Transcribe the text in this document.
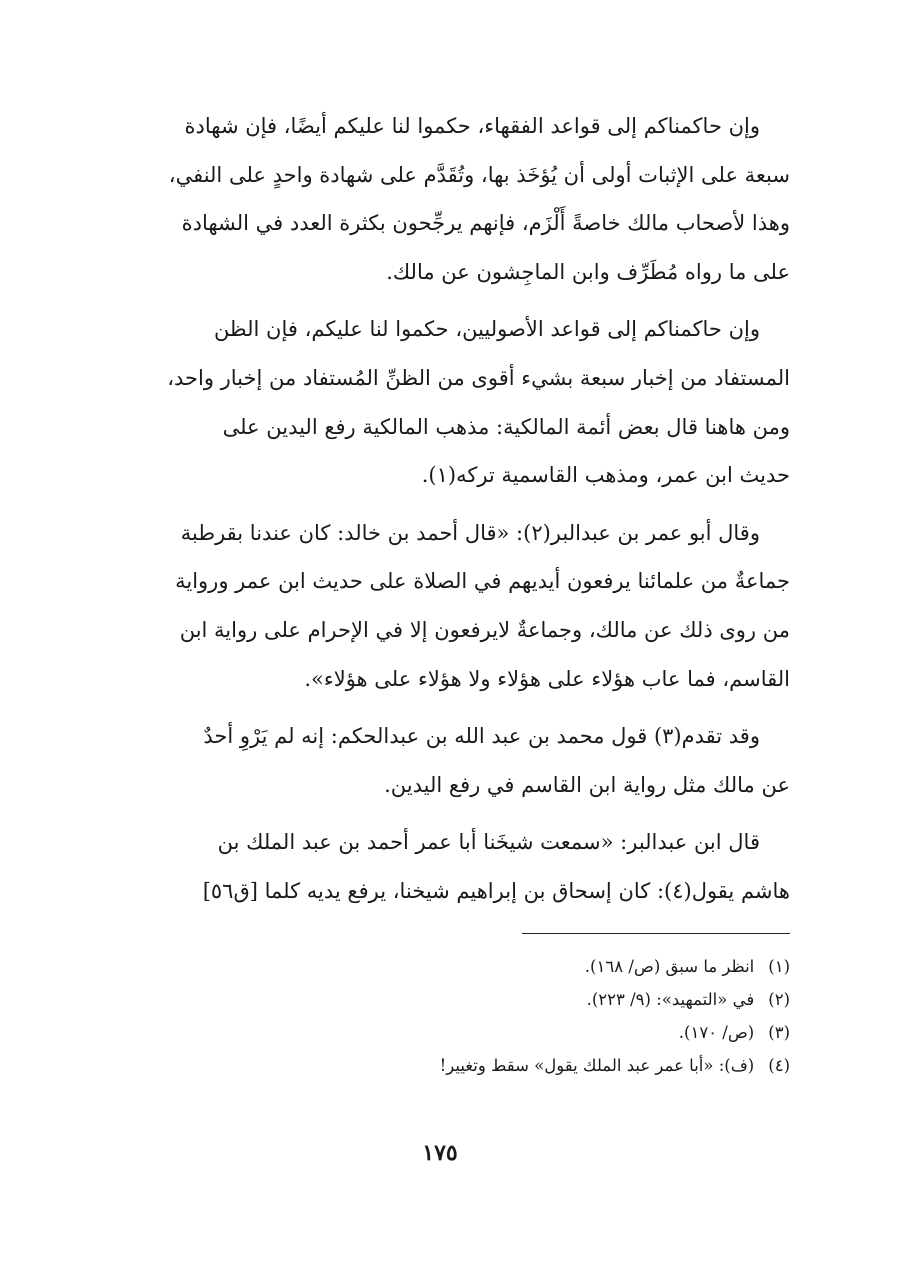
وإن حاكمناكم إلى قواعد الفقهاء، حكموا لنا عليكم أيضًا، فإن شهادة
سبعة على الإثبات أولى أن يُؤخَذ بها، وتُقَدَّم على شهادة واحدٍ على النفي،
وهذا لأصحاب مالك خاصةً أَلْزَم، فإنهم يرجِّحون بكثرة العدد في الشهادة
على ما رواه مُطَرِّف وابن الماجِشون عن مالك.

وإن حاكمناكم إلى قواعد الأصوليين، حكموا لنا عليكم، فإن الظن
المستفاد من إخبار سبعة بشيء أقوى من الظنِّ المُستفاد من إخبار واحد،
ومن هاهنا قال بعض أئمة المالكية: مذهب المالكية رفع اليدين على
حديث ابن عمر، ومذهب القاسمية تركه(١).

وقال أبو عمر بن عبدالبر(٢): «قال أحمد بن خالد: كان عندنا بقرطبة
جماعةٌ من علمائنا يرفعون أيديهم في الصلاة على حديث ابن عمر ورواية
من روى ذلك عن مالك، وجماعةٌ لايرفعون إلا في الإحرام على رواية ابن
القاسم، فما عاب هؤلاء على هؤلاء ولا هؤلاء على هؤلاء».

وقد تقدم(٣) قول محمد بن عبد الله بن عبدالحكم: إنه لم يَرْوِ أحدٌ
عن مالك مثل رواية ابن القاسم في رفع اليدين.

قال ابن عبدالبر: «سمعت شيخَنا أبا عمر أحمد بن عبد الملك بن
هاشم يقول(٤): كان إسحاق بن إبراهيم شيخنا، يرفع يديه كلما [ق٥٦]

(١)انظر ما سبق (ص/ ١٦٨).
(٢)في «التمهيد»: (٩/ ٢٢٣).
(٣)(ص/ ١٧٠).
(٤)(ف): «أبا عمر عبد الملك يقول» سقط وتغيير!
١٧٥
